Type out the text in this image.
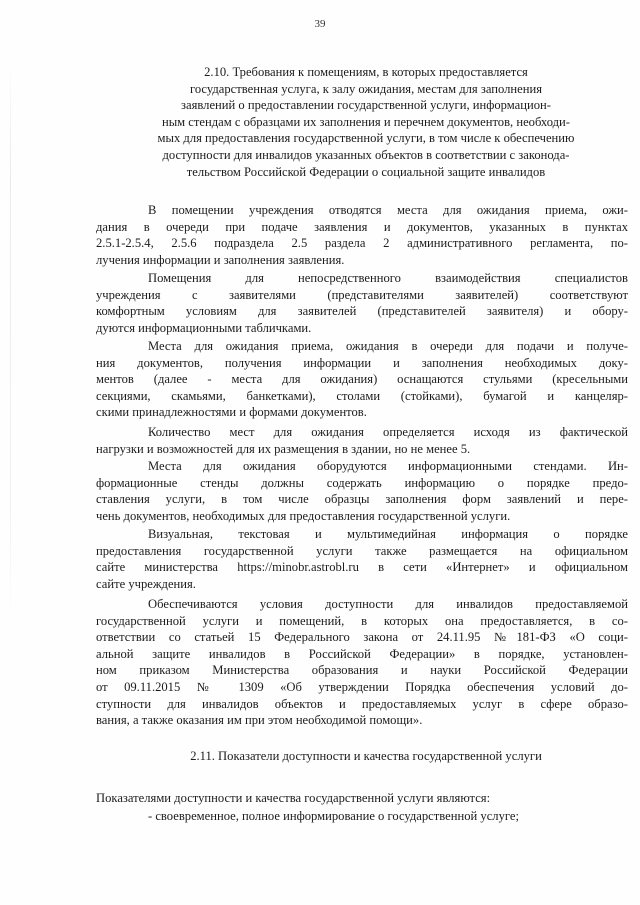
39
2.10. Требования к помещениям, в которых предоставляется
государственная услуга, к залу ожидания, местам для заполнения
заявлений о предоставлении государственной услуги, информацион-
ным стендам с образцами их заполнения и перечнем документов, необходи-
мых для предоставления государственной услуги, в том числе к обеспечению
доступности для инвалидов указанных объектов в соответствии с законода-
тельством Российской Федерации о социальной защите инвалидов
В помещении учреждения отводятся места для ожидания приема, ожи-
дания в очереди при подаче заявления и документов, указанных в пунктах
2.5.1-2.5.4, 2.5.6 подраздела 2.5 раздела 2 административного регламента, по-
лучения информации и заполнения заявления.
Помещения для непосредственного взаимодействия специалистов
учреждения с заявителями (представителями заявителей) соответствуют
комфортным условиям для заявителей (представителей заявителя) и обору-
дуются информационными табличками.
Места для ожидания приема, ожидания в очереди для подачи и получе-
ния документов, получения информации и заполнения необходимых доку-
ментов (далее - места для ожидания) оснащаются стульями (кресельными
секциями, скамьями, банкетками), столами (стойками), бумагой и канцеляр-
скими принадлежностями и формами документов.
Количество мест для ожидания определяется исходя из фактической
нагрузки и возможностей для их размещения в здании, но не менее 5.
Места для ожидания оборудуются информационными стендами. Ин-
формационные стенды должны содержать информацию о порядке предо-
ставления услуги, в том числе образцы заполнения форм заявлений и пере-
чень документов, необходимых для предоставления государственной услуги.
Визуальная, текстовая и мультимедийная информация о порядке
предоставления государственной услуги также размещается на официальном
сайте министерства https://minobr.astrobl.ru в сети «Интернет» и официальном
сайте учреждения.
Обеспечиваются условия доступности для инвалидов предоставляемой
государственной услуги и помещений, в которых она предоставляется, в со-
ответствии со статьей 15 Федерального закона от 24.11.95 №181-ФЗ «О соци-
альной защите инвалидов в Российской Федерации» в порядке, установлен-
ном приказом Министерства образования и науки Российской Федерации
от 09.11.2015 № 1309 «Об утверждении Порядка обеспечения условий до-
ступности для инвалидов объектов и предоставляемых услуг в сфере образо-
вания, а также оказания им при этом необходимой помощи».
2.11. Показатели доступности и качества государственной услуги
Показателями доступности и качества государственной услуги являются:
- своевременное, полное информирование о государственной услуге;
